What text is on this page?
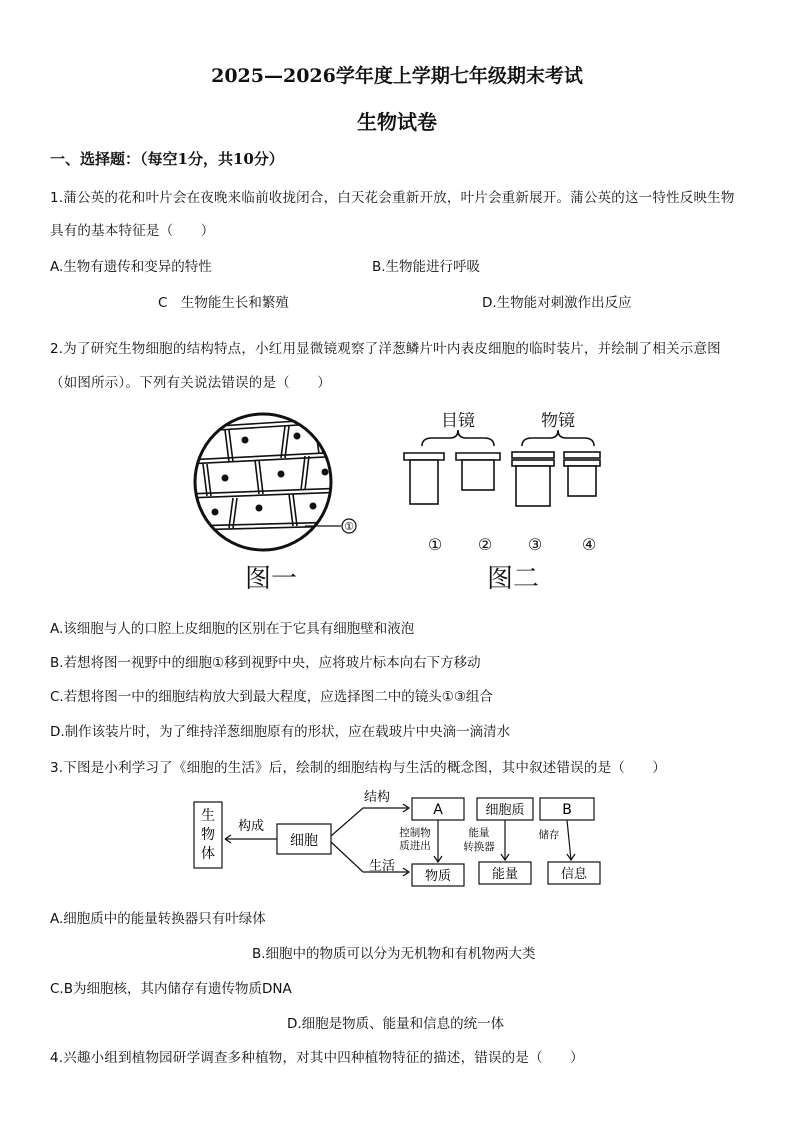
2025—2026学年度上学期七年级期末考试
生物试卷
一、选择题：（每空1分，共10分）
1.蒲公英的花和叶片会在夜晚来临前收拢闭合，白天花会重新开放，叶片会重新展开。蒲公英的这一特性反映生物
具有的基本特征是（　　）
A.生物有遗传和变异的特性	B.生物能进行呼吸
C　生物能生长和繁殖	D.生物能对刺激作出反应
2.为了研究生物细胞的结构特点，小红用显微镜观察了洋葱鳞片叶内表皮细胞的临时装片，并绘制了相关示意图
（如图所示）。下列有关说法错误的是（　　）
①
图一
目镜	物镜
① ② ③ ④
图二
A.该细胞与人的口腔上皮细胞的区别在于它具有细胞壁和液泡
B.若想将图一视野中的细胞①移到视野中央，应将玻片标本向右下方移动
C.若想将图一中的细胞结构放大到最大程度，应选择图二中的镜头①③组合
D.制作该装片时，为了维持洋葱细胞原有的形状，应在载玻片中央滴一滴清水
3.下图是小利学习了《细胞的生活》后，绘制的细胞结构与生活的概念图，其中叙述错误的是（　　）
生
物
体
构成
细胞
结构
生活
A	细胞质	B
控制物
质进出
能量
转换器
储存
物质	能量	信息
A.细胞质中的能量转换器只有叶绿体
B.细胞中的物质可以分为无机物和有机物两大类
C.B为细胞核，其内储存有遗传物质DNA
D.细胞是物质、能量和信息的统一体
4.兴趣小组到植物园研学调查多种植物，对其中四种植物特征的描述，错误的是（　　）
